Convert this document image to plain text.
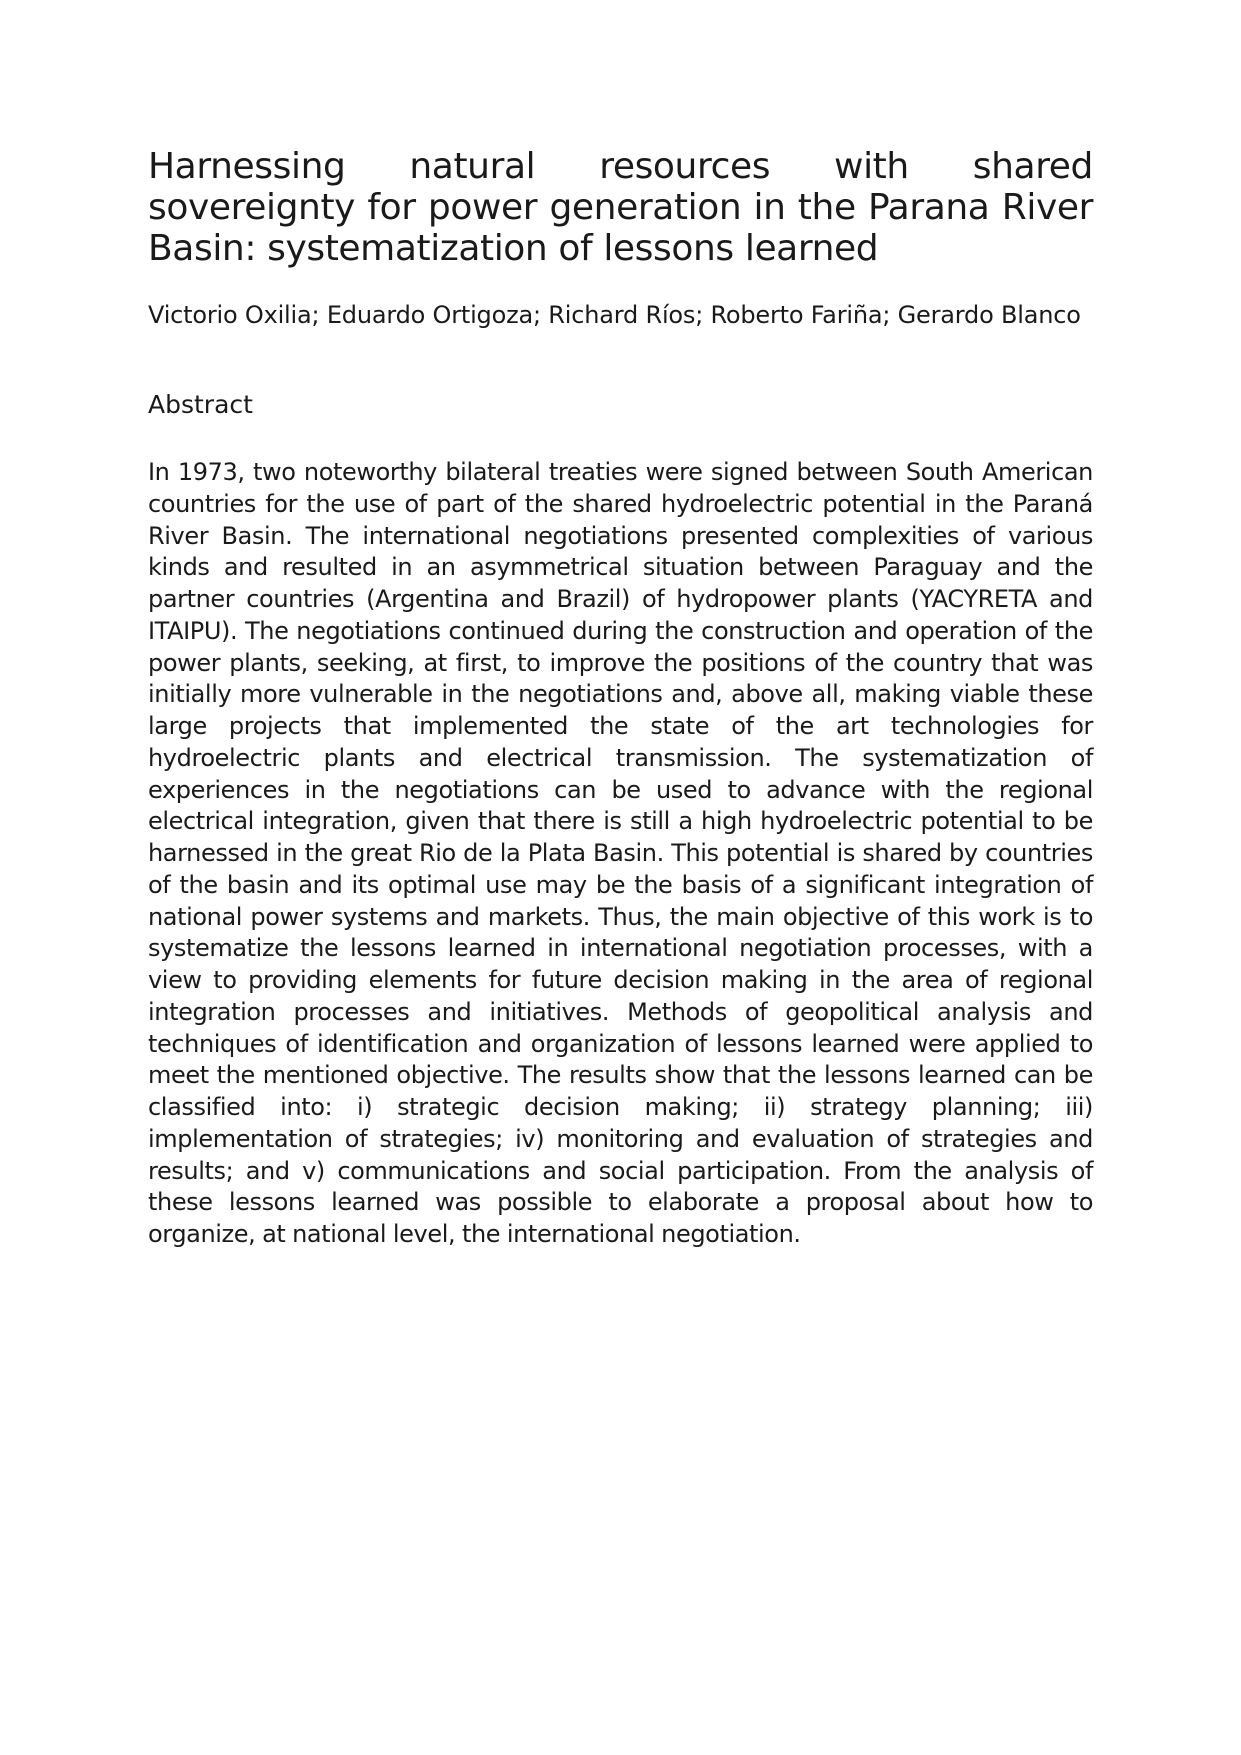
Harnessing natural resources with shared sovereignty for power generation in the Parana River Basin: systematization of lessons learned

Victorio Oxilia; Eduardo Ortigoza; Richard Ríos; Roberto Fariña; Gerardo Blanco

Abstract

In 1973, two noteworthy bilateral treaties were signed between South American countries for the use of part of the shared hydroelectric potential in the Paraná River Basin. The international negotiations presented complexities of various kinds and resulted in an asymmetrical situation between Paraguay and the partner countries (Argentina and Brazil) of hydropower plants (YACYRETA and ITAIPU). The negotiations continued during the construction and operation of the power plants, seeking, at first, to improve the positions of the country that was initially more vulnerable in the negotiations and, above all, making viable these large projects that implemented the state of the art technologies for hydroelectric plants and electrical transmission. The systematization of experiences in the negotiations can be used to advance with the regional electrical integration, given that there is still a high hydroelectric potential to be harnessed in the great Rio de la Plata Basin. This potential is shared by countries of the basin and its optimal use may be the basis of a significant integration of national power systems and markets. Thus, the main objective of this work is to systematize the lessons learned in international negotiation processes, with a view to providing elements for future decision making in the area of regional integration processes and initiatives. Methods of geopolitical analysis and techniques of identification and organization of lessons learned were applied to meet the mentioned objective. The results show that the lessons learned can be classified into: i) strategic decision making; ii) strategy planning; iii) implementation of strategies; iv) monitoring and evaluation of strategies and results; and v) communications and social participation. From the analysis of these lessons learned was possible to elaborate a proposal about how to organize, at national level, the international negotiation.
